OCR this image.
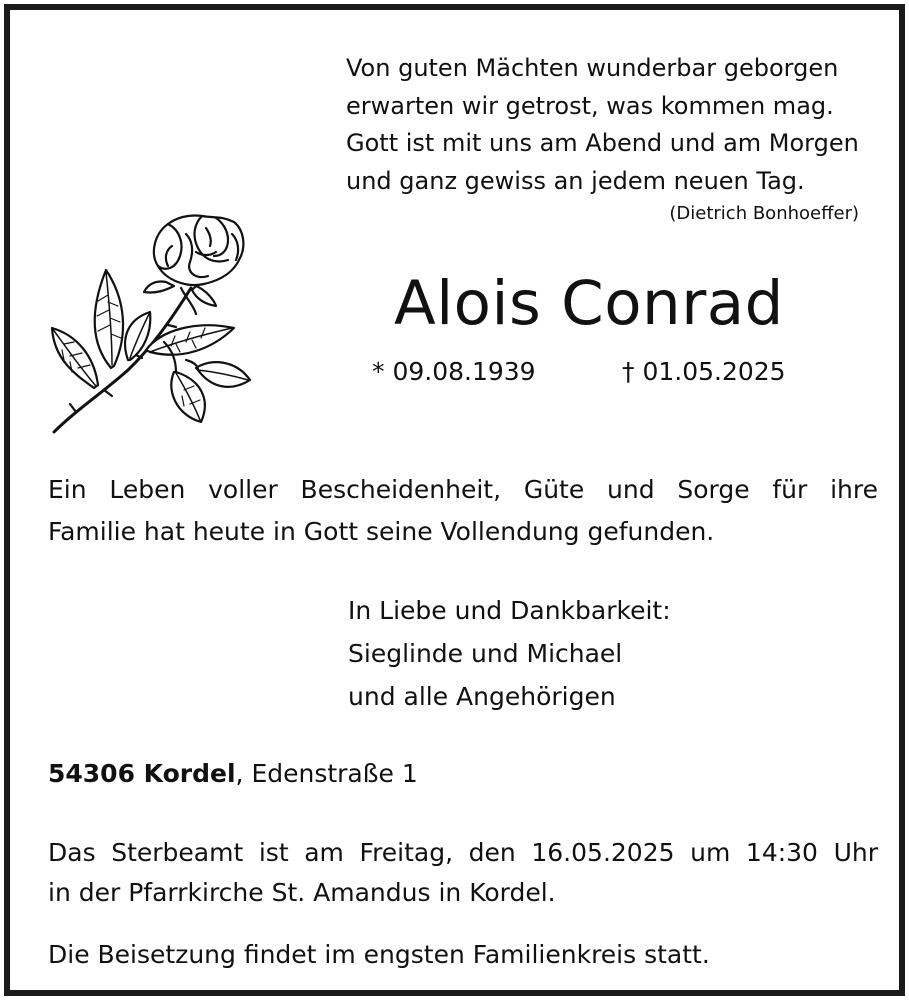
Von guten Mächten wunderbar geborgen
erwarten wir getrost, was kommen mag.
Gott ist mit uns am Abend und am Morgen
und ganz gewiss an jedem neuen Tag.
(Dietrich Bonhoeffer)
Alois Conrad
* 09.08.1939	† 01.05.2025
Ein Leben voller Bescheidenheit, Güte und Sorge für ihre
Familie hat heute in Gott seine Vollendung gefunden.
In Liebe und Dankbarkeit:
Sieglinde und Michael
und alle Angehörigen
54306 Kordel, Edenstraße 1
Das Sterbeamt ist am Freitag, den 16.05.2025 um 14:30 Uhr
in der Pfarrkirche St. Amandus in Kordel.
Die Beisetzung findet im engsten Familienkreis statt.
